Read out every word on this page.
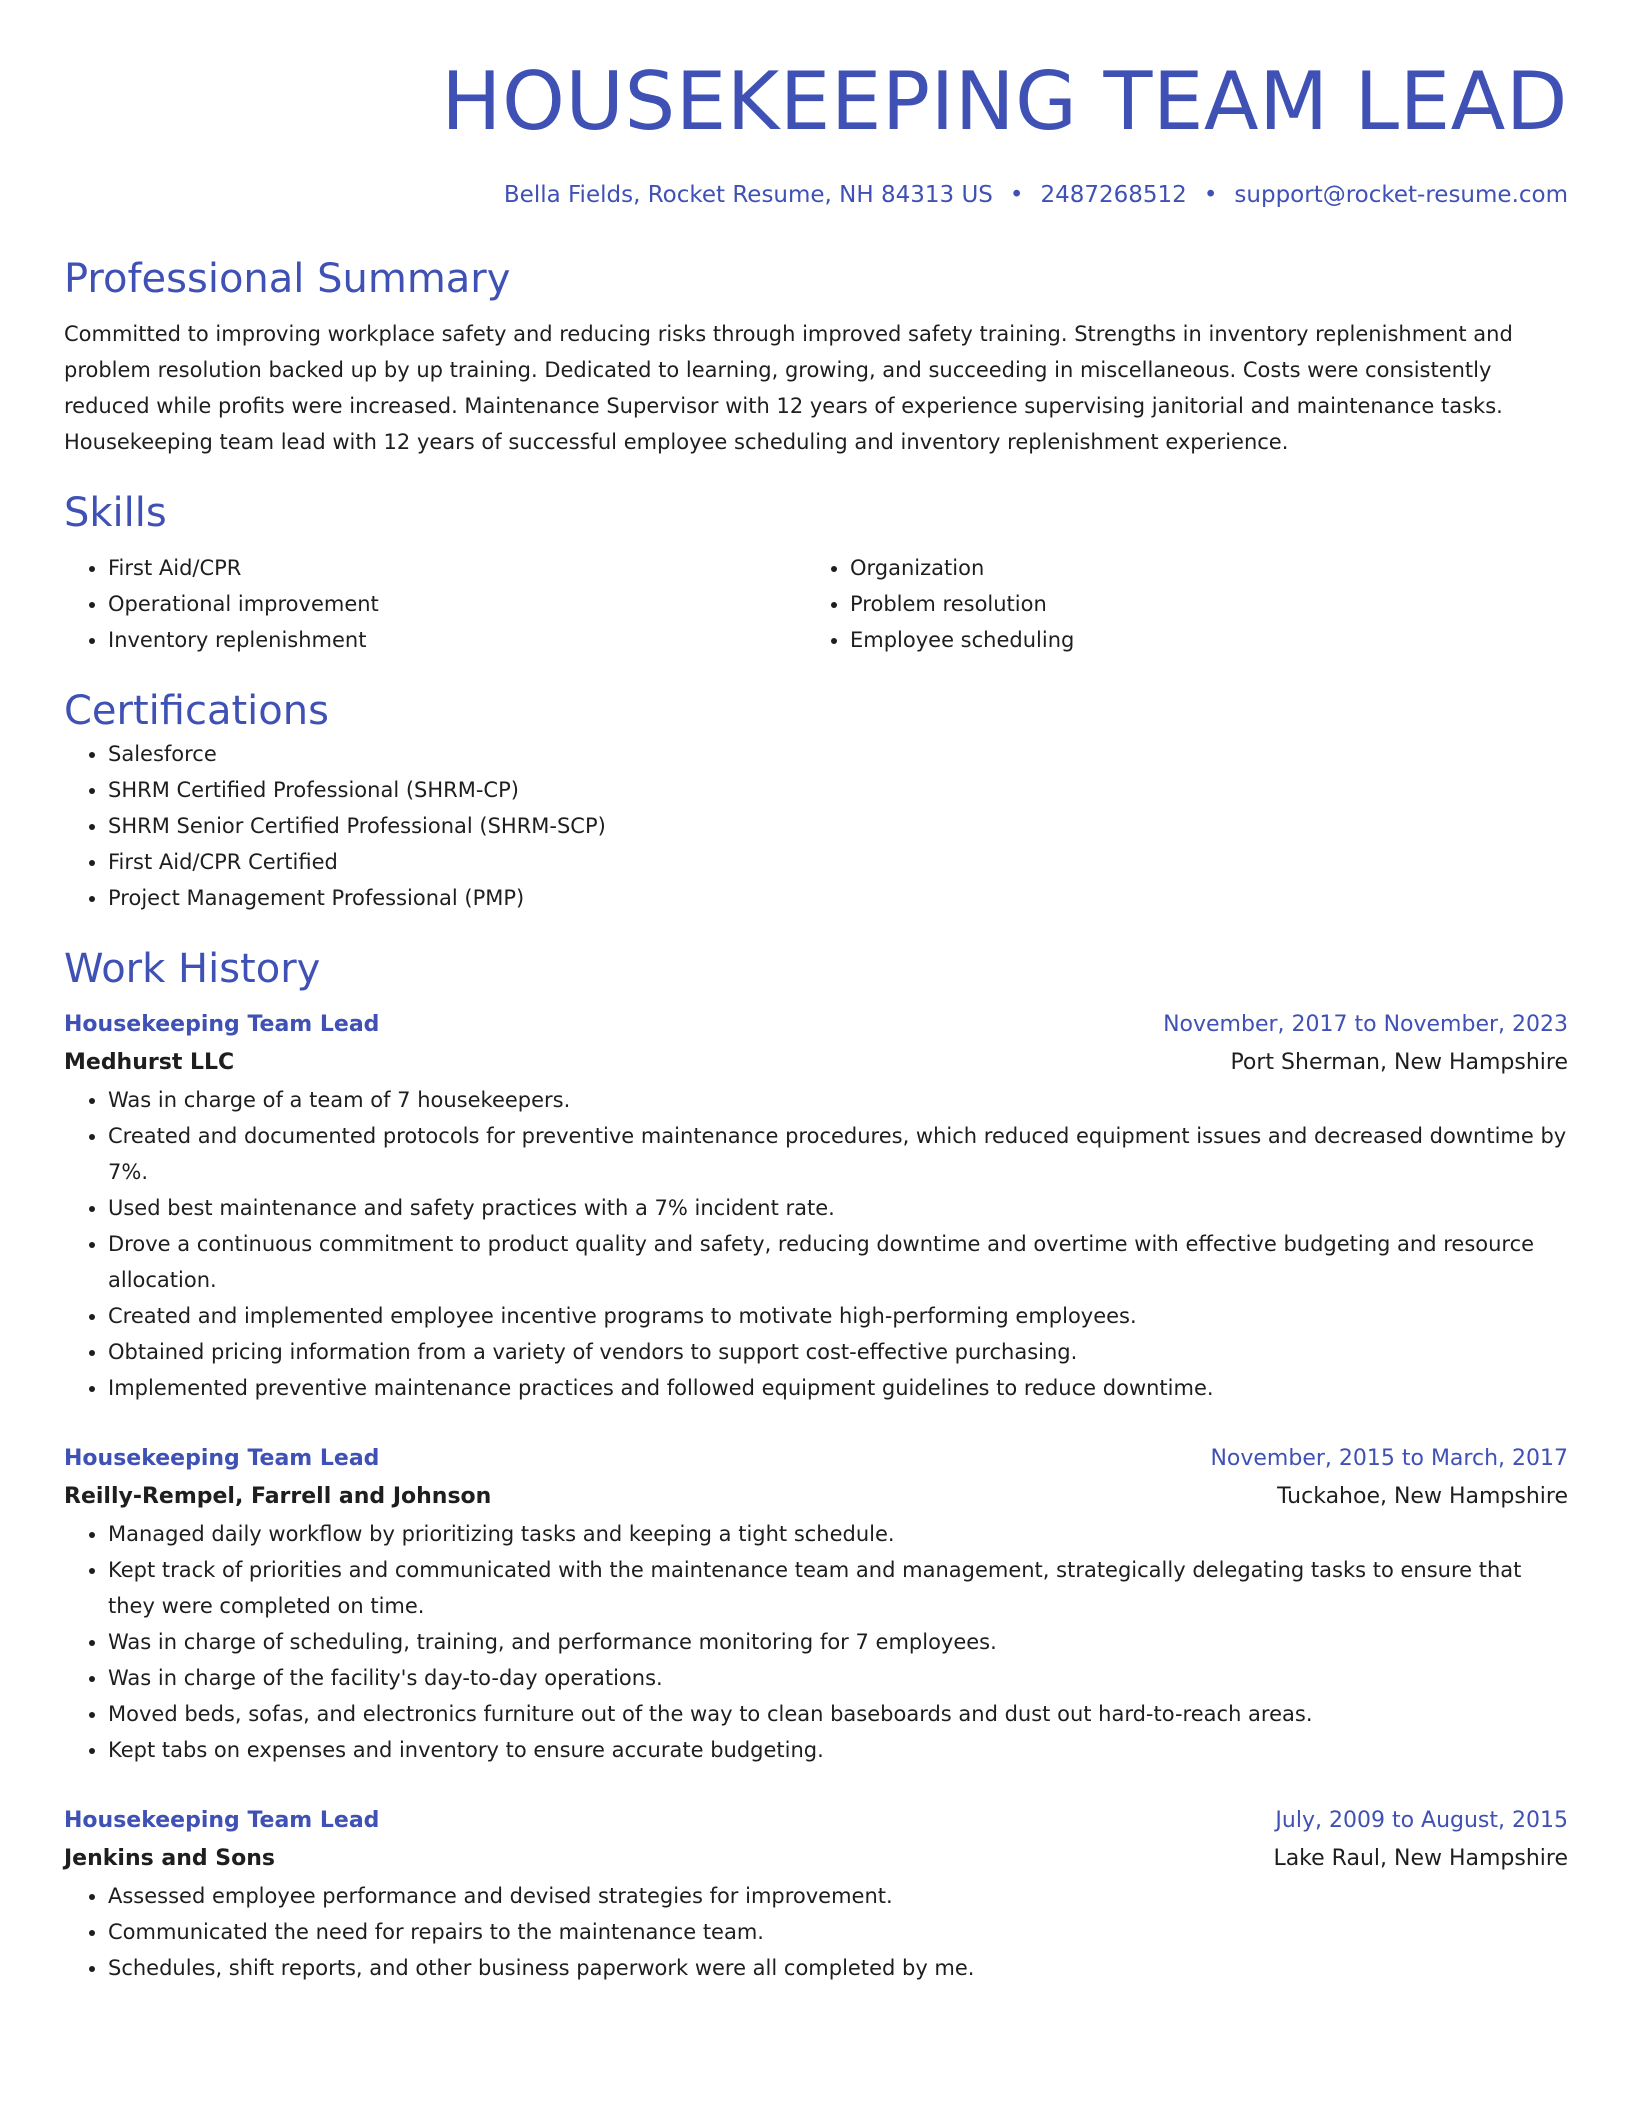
HOUSEKEEPING TEAM LEAD
Bella Fields, Rocket Resume, NH 84313 US • 2487268512 • support@rocket-resume.com
Professional Summary

Committed to improving workplace safety and reducing risks through improved safety training. Strengths in inventory replenishment and problem resolution backed up by up training. Dedicated to learning, growing, and succeeding in miscellaneous. Costs were consistently reduced while profits were increased. Maintenance Supervisor with 12 years of experience supervising janitorial and maintenance tasks. Housekeeping team lead with 12 years of successful employee scheduling and inventory replenishment experience.

Skills
• First Aid/CPR
• Operational improvement
• Inventory replenishment
• Organization
• Problem resolution
• Employee scheduling
Certifications
• Salesforce
• SHRM Certified Professional (SHRM-CP)
• SHRM Senior Certified Professional (SHRM-SCP)
• First Aid/CPR Certified
• Project Management Professional (PMP)
Work History
Housekeeping Team Lead	November, 2017 to November, 2023
Medhurst LLC	Port Sherman, New Hampshire
• Was in charge of a team of 7 housekeepers.
• Created and documented protocols for preventive maintenance procedures, which reduced equipment issues and decreased downtime by 7%.
• Used best maintenance and safety practices with a 7% incident rate.
• Drove a continuous commitment to product quality and safety, reducing downtime and overtime with effective budgeting and resource allocation.
• Created and implemented employee incentive programs to motivate high-performing employees.
• Obtained pricing information from a variety of vendors to support cost-effective purchasing.
• Implemented preventive maintenance practices and followed equipment guidelines to reduce downtime.
Housekeeping Team Lead	November, 2015 to March, 2017
Reilly-Rempel, Farrell and Johnson	Tuckahoe, New Hampshire
• Managed daily workflow by prioritizing tasks and keeping a tight schedule.
• Kept track of priorities and communicated with the maintenance team and management, strategically delegating tasks to ensure that they were completed on time.
• Was in charge of scheduling, training, and performance monitoring for 7 employees.
• Was in charge of the facility's day-to-day operations.
• Moved beds, sofas, and electronics furniture out of the way to clean baseboards and dust out hard-to-reach areas.
• Kept tabs on expenses and inventory to ensure accurate budgeting.
Housekeeping Team Lead	July, 2009 to August, 2015
Jenkins and Sons	Lake Raul, New Hampshire
• Assessed employee performance and devised strategies for improvement.
• Communicated the need for repairs to the maintenance team.
• Schedules, shift reports, and other business paperwork were all completed by me.
